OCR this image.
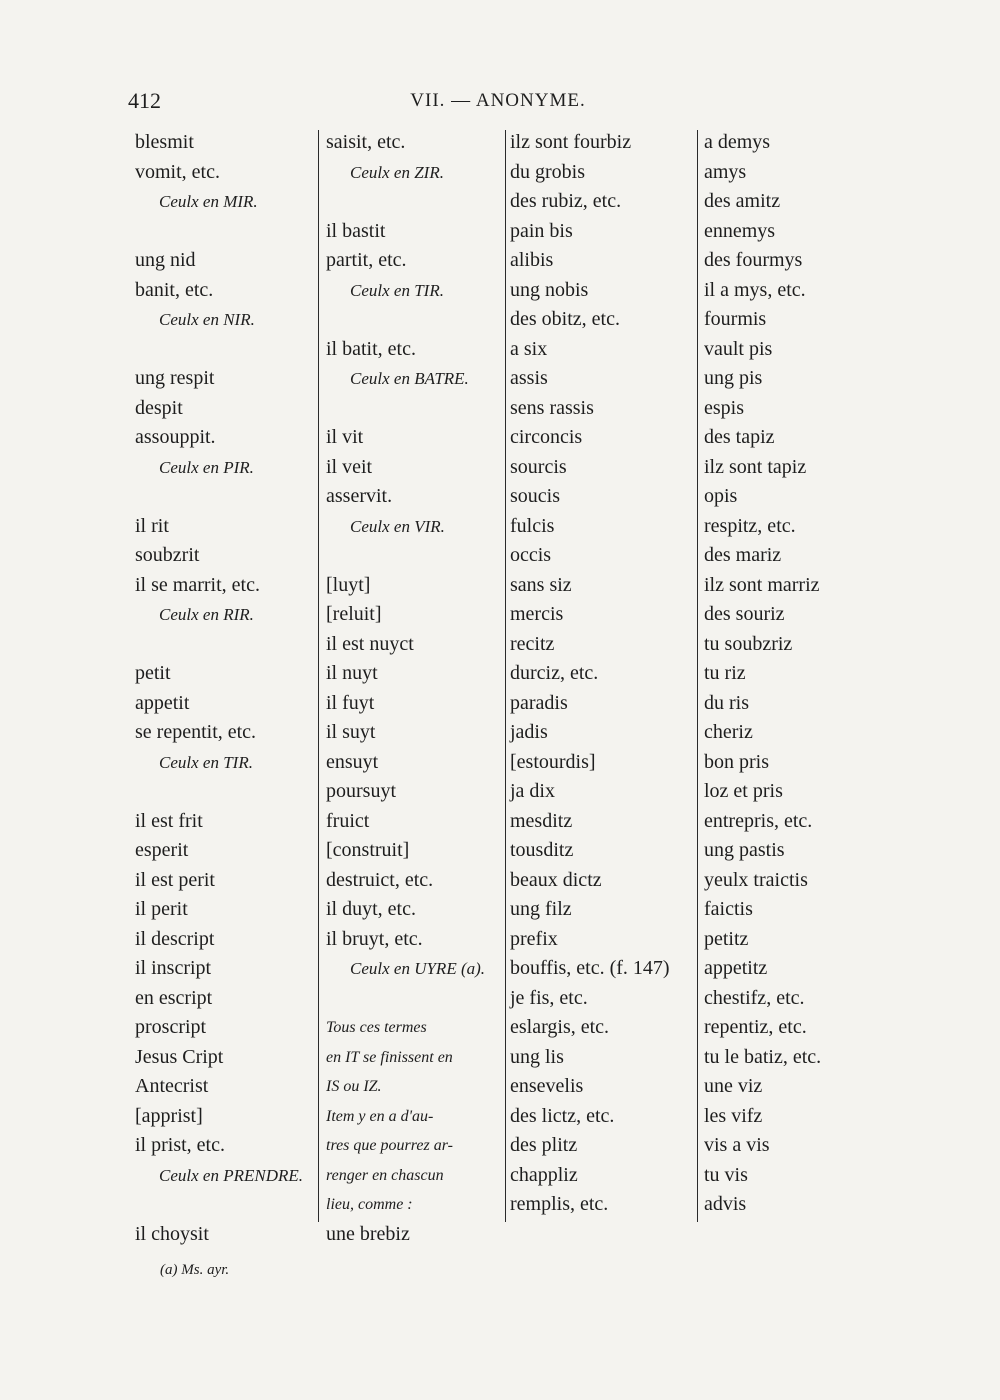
412	VII. — ANONYME.
blesmit
vomit, etc.
Ceulx en MIR.
ung nid
banit, etc.
Ceulx en NIR.
ung respit
despit
assouppit.
Ceulx en PIR.
il rit
soubzrit
il se marrit, etc.
Ceulx en RIR.
petit
appetit
se repentit, etc.
Ceulx en TIR.
il est frit
esperit
il est perit
il perit
il descript
il inscript
en escript
proscript
Jesus Cript
Antecrist
[apprist]
il prist, etc.
Ceulx en PRENDRE.
il choysit
saisit, etc.
Ceulx en ZIR.
il bastit
partit, etc.
Ceulx en TIR.
il batit, etc.
Ceulx en BATRE.
il vit
il veit
asservit.
Ceulx en VIR.
[luyt]
[reluit]
il est nuyct
il nuyt
il fuyt
il suyt
ensuyt
poursuyt
fruict
[construit]
destruict, etc.
il duyt, etc.
il bruyt, etc.
Ceulx en UYRE (a).
Tous ces termes
en IT se finissent en
IS ou IZ.
Item y en a d'au-
tres que pourrez ar-
renger en chascun
lieu, comme :
une brebiz
ilz sont fourbiz
du grobis
des rubiz, etc.
pain bis
alibis
ung nobis
des obitz, etc.
a six
assis
sens rassis
circoncis
sourcis
soucis
fulcis
occis
sans siz
mercis
recitz
durciz, etc.
paradis
jadis
[estourdis]
ja dix
mesditz
tousditz
beaux dictz
ung filz
prefix
bouffis, etc. (f. 147)
je fis, etc.
eslargis, etc.
ung lis
ensevelis
des lictz, etc.
des plitz
chappliz
remplis, etc.
a demys
amys
des amitz
ennemys
des fourmys
il a mys, etc.
fourmis
vault pis
ung pis
espis
des tapiz
ilz sont tapiz
opis
respitz, etc.
des mariz
ilz sont marriz
des souriz
tu soubzriz
tu riz
du ris
cheriz
bon pris
loz et pris
entrepris, etc.
ung pastis
yeulx traictis
faictis
petitz
appetitz
chestifz, etc.
repentiz, etc.
tu le batiz, etc.
une viz
les vifz
vis a vis
tu vis
advis
(a) Ms. ayr.
